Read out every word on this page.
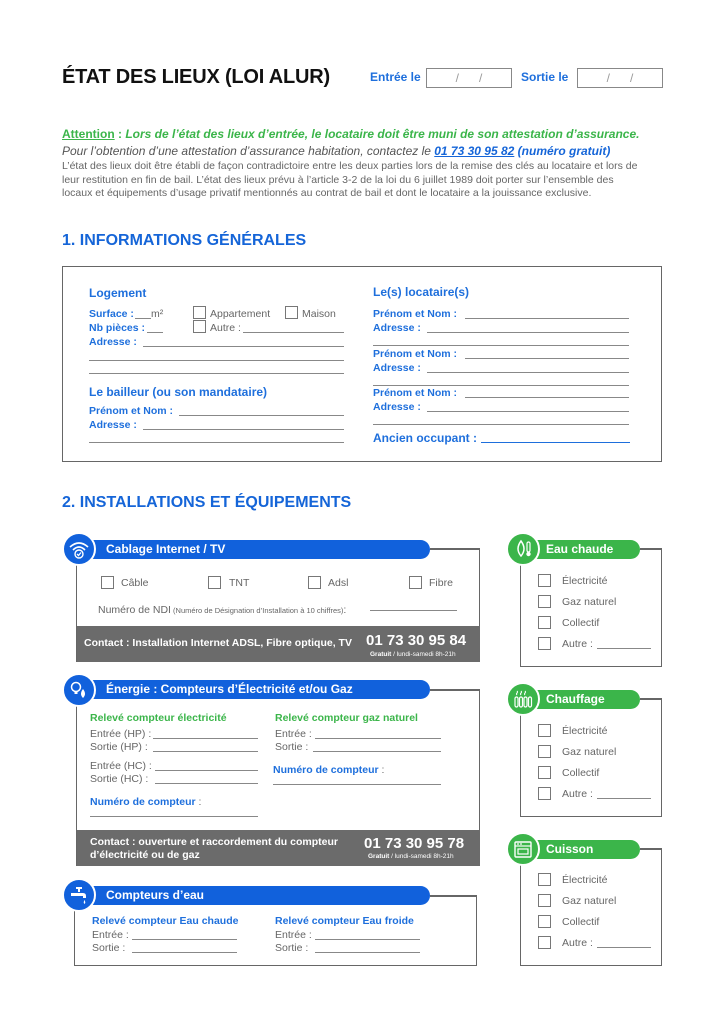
ÉTAT DES LIEUX (LOI ALUR)	Entrée le	/      /	Sortie le	/      /
Attention : Lors de l’état des lieux d’entrée, le locataire doit être muni de son attestation d’assurance.
Pour l’obtention d’une attestation d’assurance habitation, contactez le 01 73 30 95 82 (numéro gratuit)
L’état des lieux doit être établi de façon contradictoire entre les deux parties lors de la remise des clés au locataire et lors de
leur restitution en fin de bail. L’état des lieux prévu à l’article 3-2 de la loi du 6 juillet 1989 doit porter sur l’ensemble des
locaux et équipements d’usage privatif mentionnés au contrat de bail et dont le locataire a la jouissance exclusive.
1. INFORMATIONS GÉNÉRALES
Logement
Surface : m²
Nb pièces :
Appartement	Maison
Autre :
Adresse :
Le bailleur (ou son mandataire)
Prénom et Nom :
Adresse :
Le(s) locataire(s)
Prénom et Nom :
Adresse :
Prénom et Nom :
Adresse :
Prénom et Nom :
Adresse :
Ancien occupant :
2. INSTALLATIONS ET ÉQUIPEMENTS
Cablage Internet / TV
Câble	TNT	Adsl	Fibre
Numéro de NDI (Numéro de Désignation d’Installation à 10 chiffres):
Contact : Installation Internet ADSL, Fibre optique, TV 01 73 30 95 84
Gratuit / lundi-samedi 8h-21h
Énergie : Compteurs d’Électricité et/ou Gaz
Relevé compteur électricité
Entrée (HP) :
Sortie (HP) :
Entrée (HC) :
Sortie (HC) :
Numéro de compteur :
Relevé compteur gaz naturel
Entrée :
Sortie :
Numéro de compteur :
Contact : ouverture et raccordement du compteur
d’électricité ou de gaz
01 73 30 95 78
Gratuit / lundi-samedi 8h-21h
Compteurs d’eau
Relevé compteur Eau chaude
Entrée :
Sortie :
Relevé compteur Eau froide
Entrée :
Sortie :
Eau chaude
Électricité
Gaz naturel
Collectif
Autre :
Chauffage
Électricité
Gaz naturel
Collectif
Autre :
Cuisson
Électricité
Gaz naturel
Collectif
Autre :
